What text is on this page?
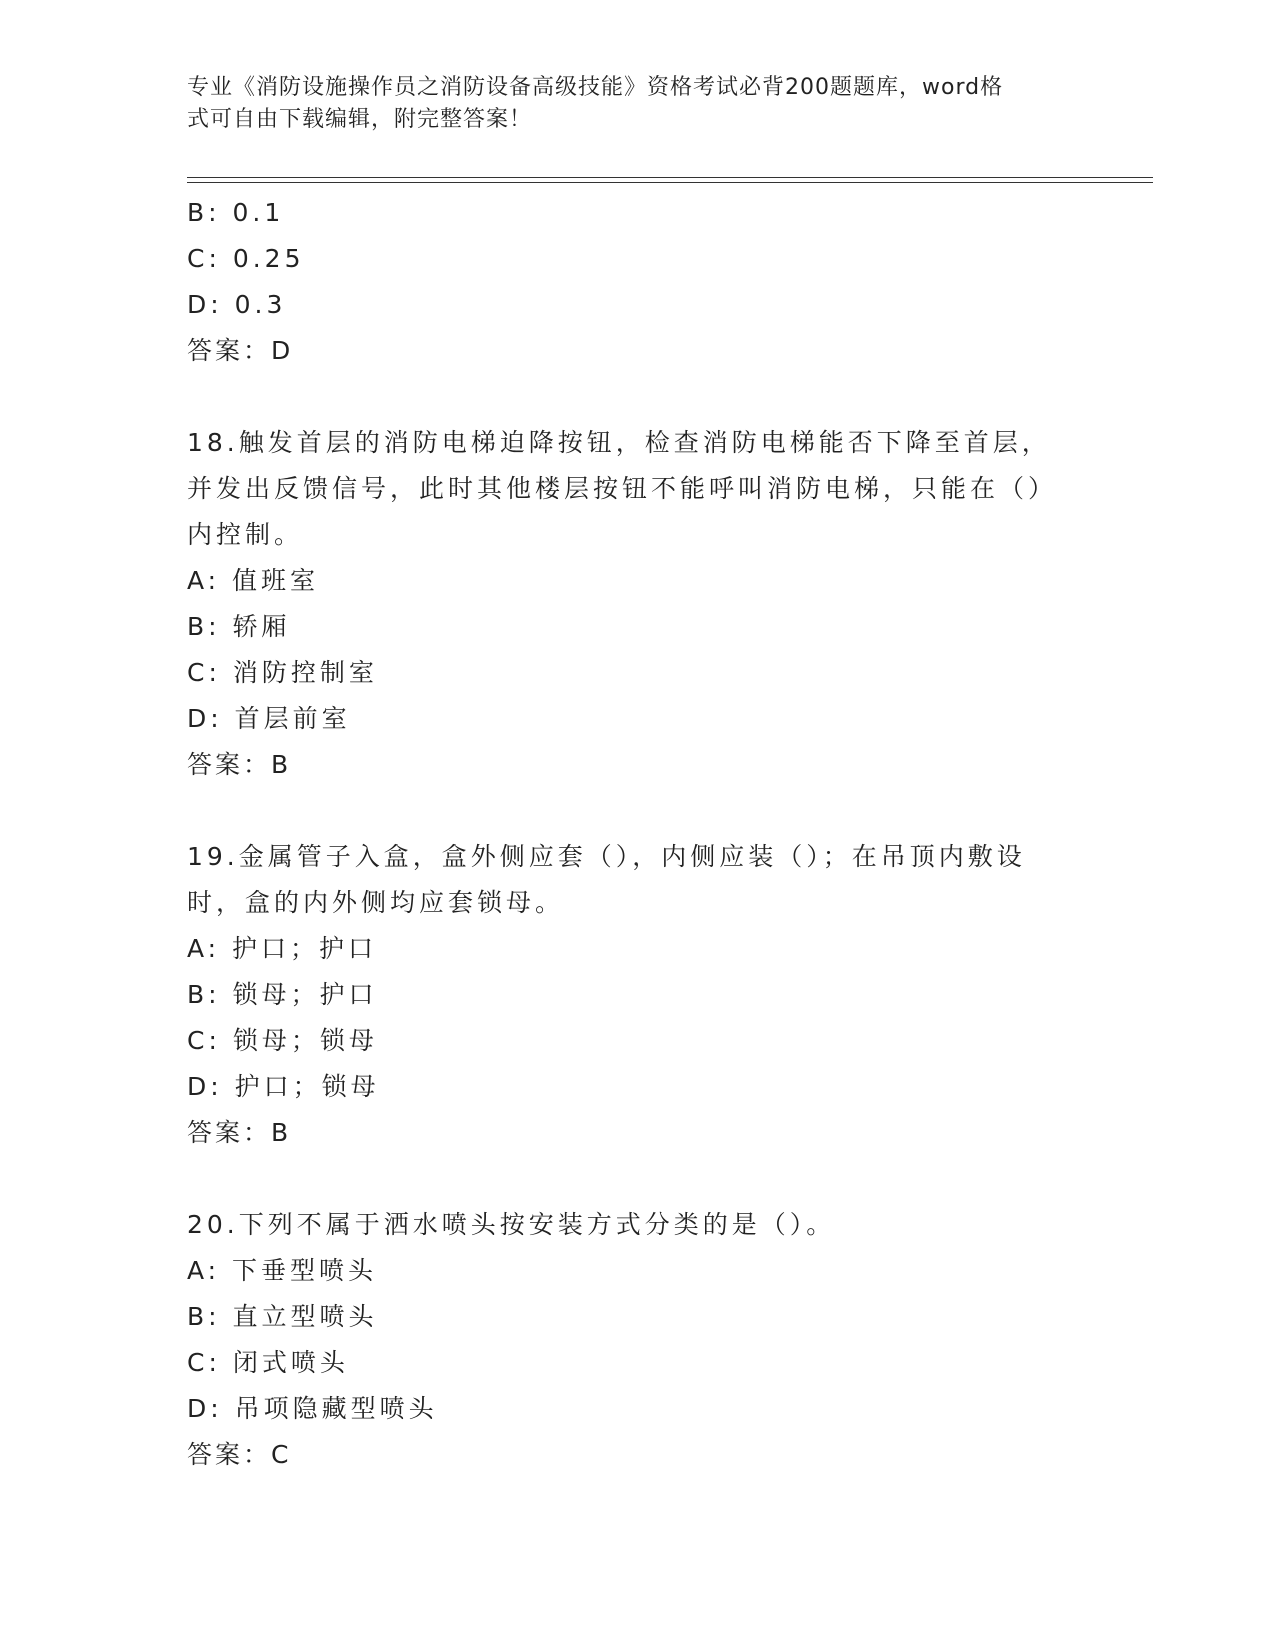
专业《消防设施操作员之消防设备高级技能》资格考试必背200题题库，word格
式可自由下载编辑，附完整答案！
B: 0.1
C: 0.25
D: 0.3
答案：D
18.触发首层的消防电梯迫降按钮，检查消防电梯能否下降至首层，并发出反馈信号，此时其他楼层按钮不能呼叫消防电梯，只能在（）内控制。
A: 值班室
B: 轿厢
C: 消防控制室
D: 首层前室
答案：B
19.金属管子入盒，盒外侧应套（），内侧应装（）；在吊顶内敷设时，盒的内外侧均应套锁母。
A: 护口；护口
B: 锁母；护口
C: 锁母；锁母
D: 护口；锁母
答案：B
20.下列不属于洒水喷头按安装方式分类的是（）。
A: 下垂型喷头
B: 直立型喷头
C: 闭式喷头
D: 吊项隐藏型喷头
答案：C
